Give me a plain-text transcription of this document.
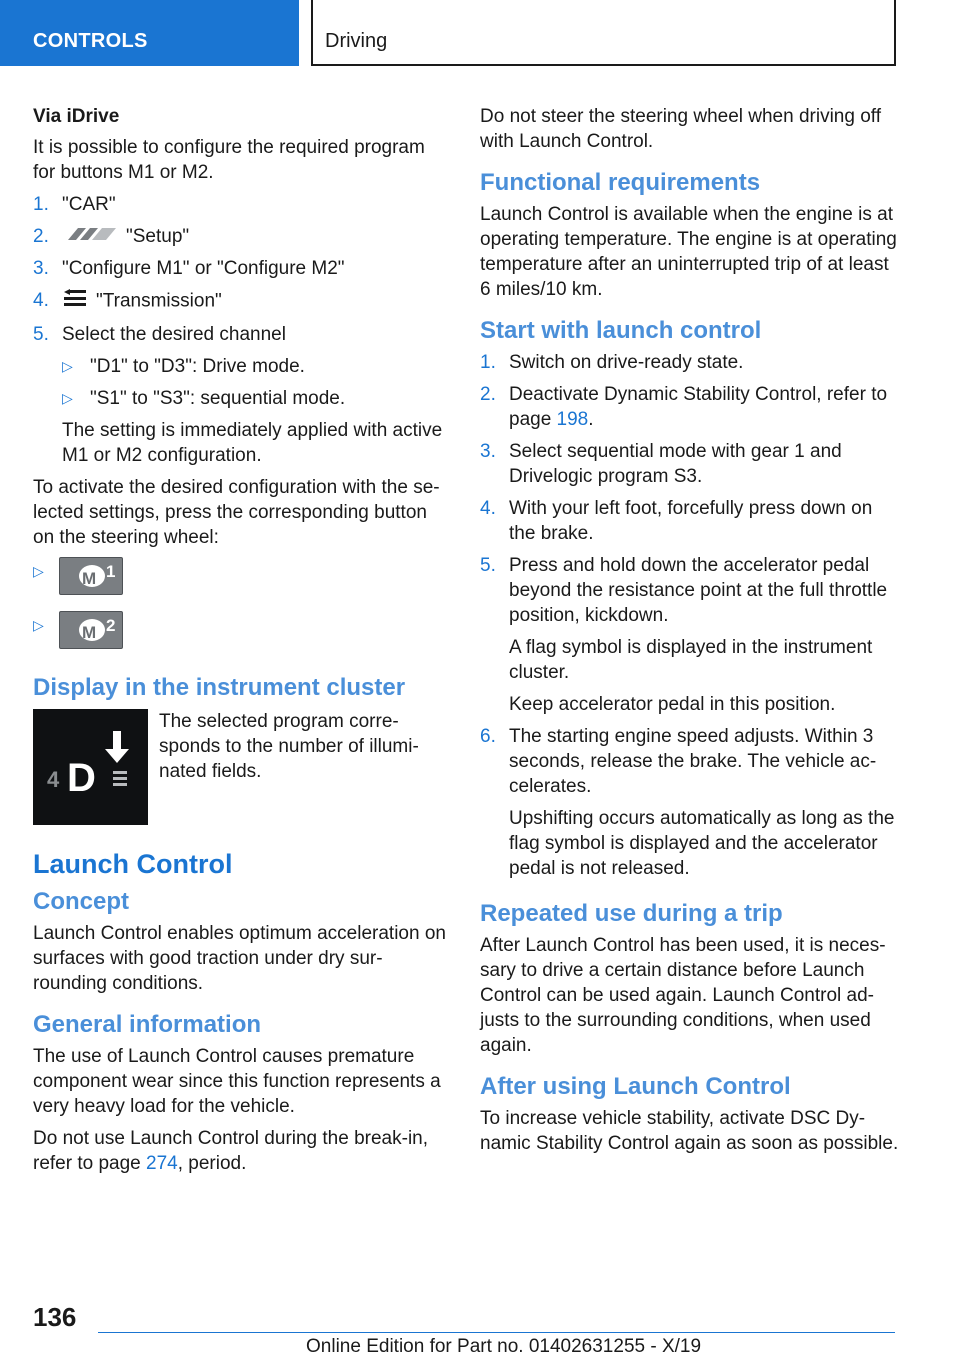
CONTROLS	Driving
Via iDrive

It is possible to configure the required program for buttons M1 or M2.

1. "CAR"
2.	"Setup"
3. "Configure M1" or "Configure M2"
4. "Transmission"
5. Select the desired channel
▷ "D1" to "D3": Drive mode.
▷ "S1" to "S3": sequential mode.
The setting is immediately applied with active M1 or M2 configuration.

To activate the desired configuration with the selected settings, press the corresponding button on the steering wheel:

▷ M 1
▷ M 2
Display in the instrument cluster
4 D
The selected program corresponds to the number of illuminated fields.
Launch Control
Concept

Launch Control enables optimum acceleration on surfaces with good traction under dry surrounding conditions.

General information

The use of Launch Control causes premature component wear since this function represents a very heavy load for the vehicle.

Do not use Launch Control during the break-in, refer to page 274, period.

Do not steer the steering wheel when driving off with Launch Control.

Functional requirements

Launch Control is available when the engine is at operating temperature. The engine is at operating temperature after an uninterrupted trip of at least 6 miles/10 km.

Start with launch control
1. Switch on drive-ready state.
2. Deactivate Dynamic Stability Control, refer to page 198.
3. Select sequential mode with gear 1 and Drivelogic program S3.
4. With your left foot, forcefully press down on the brake.
5. Press and hold down the accelerator pedal beyond the resistance point at the full throttle position, kickdown.
A flag symbol is displayed in the instrument cluster.
Keep accelerator pedal in this position.
6. The starting engine speed adjusts. Within 3 seconds, release the brake. The vehicle accelerates.
Upshifting occurs automatically as long as the flag symbol is displayed and the accelerator pedal is not released.
Repeated use during a trip

After Launch Control has been used, it is necessary to drive a certain distance before Launch Control can be used again. Launch Control adjusts to the surrounding conditions, when used again.

After using Launch Control

To increase vehicle stability, activate DSC Dynamic Stability Control again as soon as possible.

136
Online Edition for Part no. 01402631255 - X/19
